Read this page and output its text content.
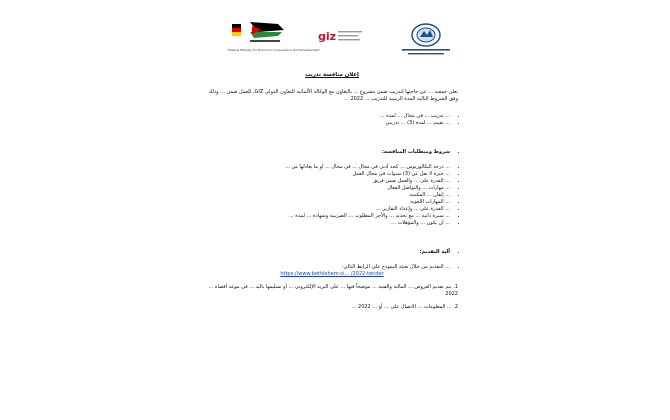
Federal Ministry for Economic Cooperation and Development
giz
إعلان منافسة تدريب
تعلن جمعية ... عن حاجتها لتدريب ضمن مشروع ... بالتعاون مع الوكالة الألمانية للتعاون الدولي GIZ، للعمل ضمن ... وذلك وفق الشروط التالية المدة الزمنية للتدريب ... 2022 ...
• ... تدريب ... في مجال ... لمدة ...
• ... تقييم ... لمدة (3) ... تدريبي
• شروط ومتطلبات المنافسة:
• ... درجة البكالوريوس ... كحد أدنى في مجال ... في مجال ... أو ما يعادلها من ...
• ... خبرة لا تقل عن (3) سنوات في مجال العمل
• ... القدرة على ... والعمل ضمن فريق
• ... مهارات ... والتواصل الفعال
• ... إتقان ... المكتبية
• ... المهارات اللغوية
• ... القدرة على ... وإعداد التقارير ...
• ... سيرة ذاتية ... مع تحديد ... والأجر المطلوب ... الضريبية وشهادة ... لمدة ...
• ... أن يكون ... والمؤهلات ...
• آلية التقديم:
• ... التقديم من خلال تعبئة النموذج على الرابط التالي:
https://www.bethlehem-ci... /2022-tender
1. يتم تقديم العروض ... المالية والفنية ... موضحاً فيها ... على البريد الإلكتروني ... أو تسليمها باليد ... في موعد أقصاه ... 2022
2. ... المعلومات ... الاتصال على ... أو ... 2022 ...
